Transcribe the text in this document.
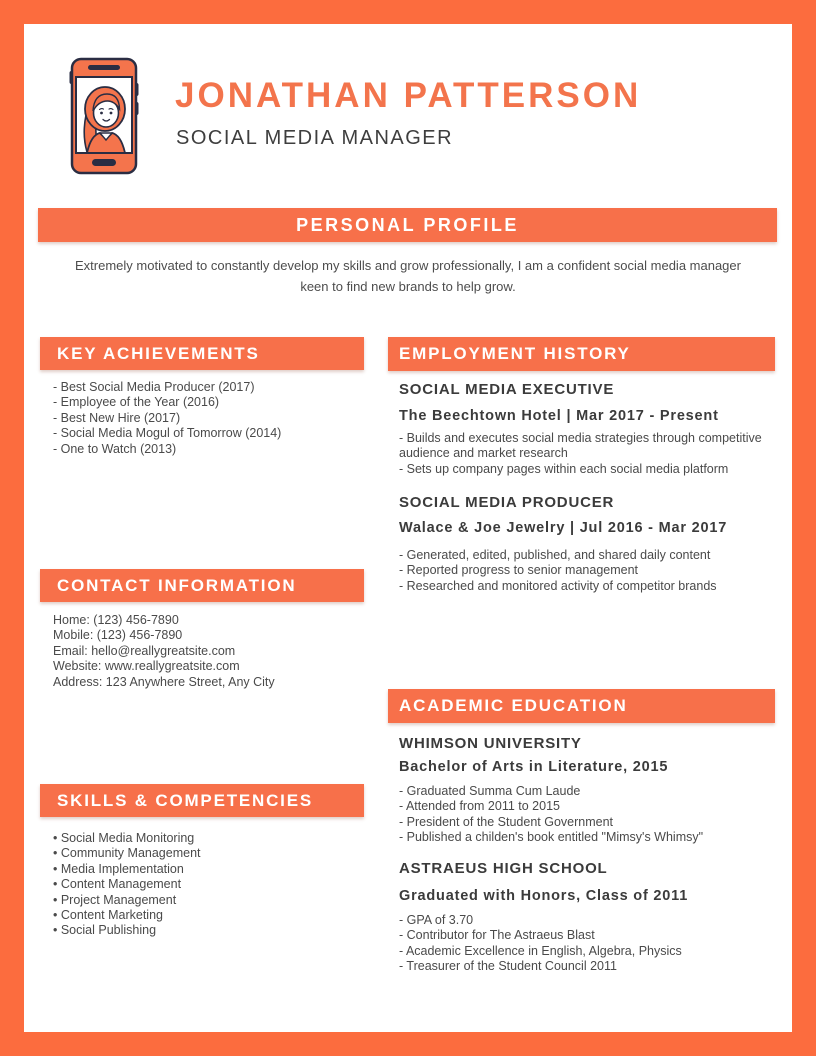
JONATHAN PATTERSON
SOCIAL MEDIA MANAGER
PERSONAL PROFILE

Extremely motivated to constantly develop my skills and grow professionally, I am a confident social media manager keen to find new brands to help grow.

KEY ACHIEVEMENTS
- Best Social Media Producer (2017)
- Employee of the Year (2016)
- Best New Hire (2017)
- Social Media Mogul of Tomorrow (2014)
- One to Watch (2013)
CONTACT INFORMATION
Home: (123) 456-7890
Mobile: (123) 456-7890
Email: hello@reallygreatsite.com
Website: www.reallygreatsite.com
Address: 123 Anywhere Street, Any City
SKILLS & COMPETENCIES
• Social Media Monitoring
• Community Management
• Media Implementation
• Content Management
• Project Management
• Content Marketing
• Social Publishing
EMPLOYMENT HISTORY
SOCIAL MEDIA EXECUTIVE
The Beechtown Hotel | Mar 2017 - Present
- Builds and executes social media strategies through competitive audience and market research
- Sets up company pages within each social media platform
SOCIAL MEDIA PRODUCER
Walace & Joe Jewelry | Jul 2016 - Mar 2017
- Generated, edited, published, and shared daily content
- Reported progress to senior management
- Researched and monitored activity of competitor brands
ACADEMIC EDUCATION
WHIMSON UNIVERSITY
Bachelor of Arts in Literature, 2015
- Graduated Summa Cum Laude
- Attended from 2011 to 2015
- President of the Student Government
- Published a childen's book entitled "Mimsy's Whimsy"
ASTRAEUS HIGH SCHOOL
Graduated with Honors, Class of 2011
- GPA of 3.70
- Contributor for The Astraeus Blast
- Academic Excellence in English, Algebra, Physics
- Treasurer of the Student Council 2011
